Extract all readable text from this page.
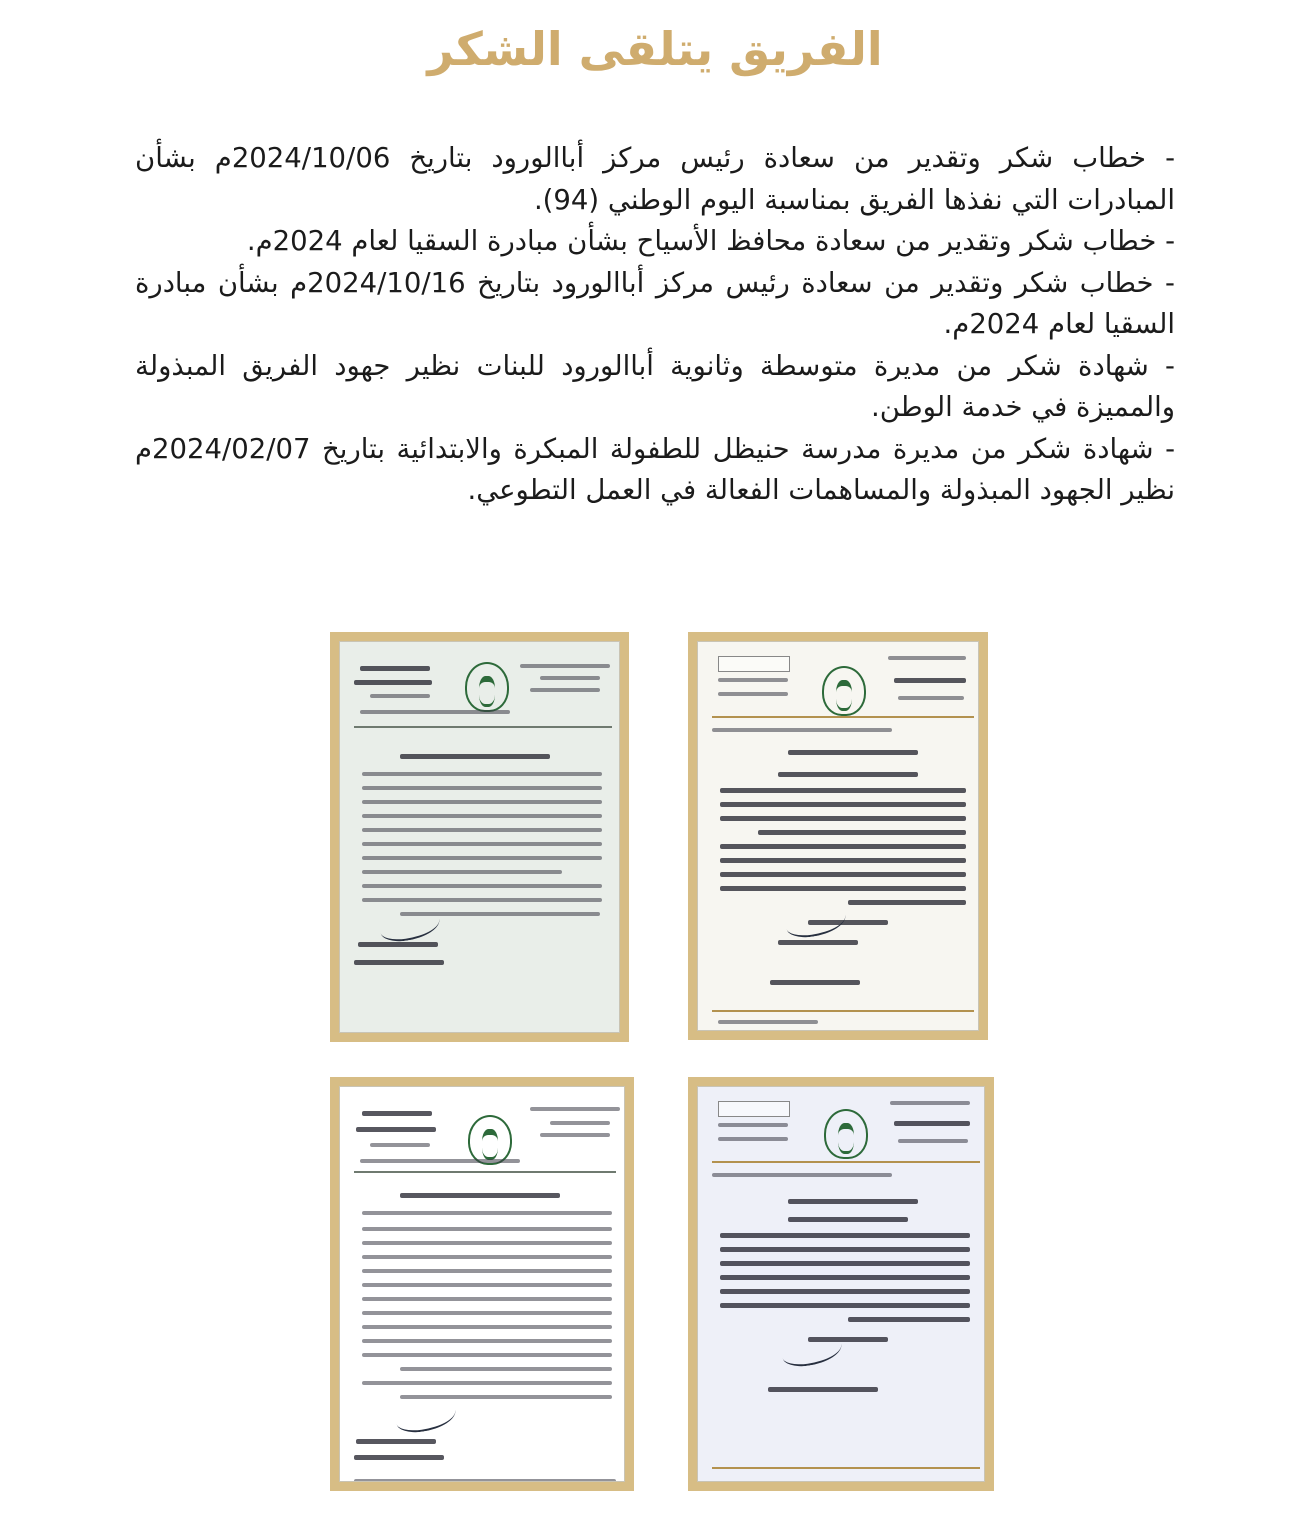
الفريق يتلقى الشكر

- خطاب شكر وتقدير من سعادة رئيس مركز أباالورود بتاريخ 2024/10/06م بشأن المبادرات التي نفذها الفريق بمناسبة اليوم الوطني (94).

- خطاب شكر وتقدير من سعادة محافظ الأسياح بشأن مبادرة السقيا لعام 2024م.

- خطاب شكر وتقدير من سعادة رئيس مركز أباالورود بتاريخ 2024/10/16م بشأن مبادرة السقيا لعام 2024م.

- شهادة شكر من مديرة متوسطة وثانوية أباالورود للبنات نظير جهود الفريق المبذولة والمميزة في خدمة الوطن.

- شهادة شكر من مديرة مدرسة حنيظل للطفولة المبكرة والابتدائية بتاريخ 2024/02/07م نظير الجهود المبذولة والمساهمات الفعالة في العمل التطوعي.
